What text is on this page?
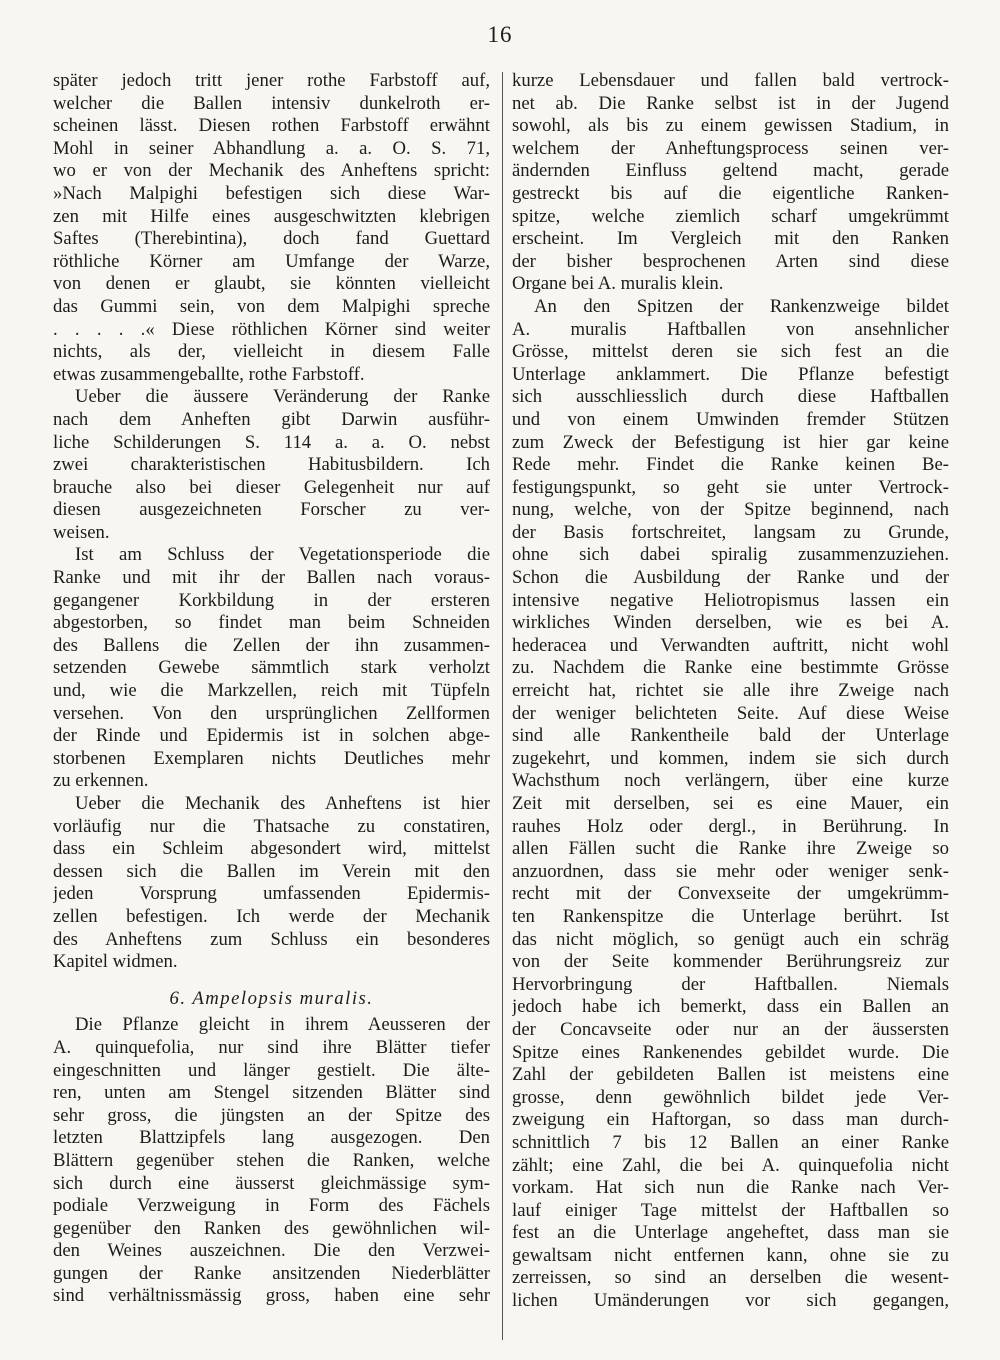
16
später jedoch tritt jener rothe Farbstoff auf,
welcher die Ballen intensiv dunkelroth er-
scheinen lässt. Diesen rothen Farbstoff erwähnt
Mohl in seiner Abhandlung a. a. O. S. 71,
wo er von der Mechanik des Anheftens spricht:
»Nach Malpighi befestigen sich diese War-
zen mit Hilfe eines ausgeschwitzten klebrigen
Saftes (Therebintina), doch fand Guettard
röthliche Körner am Umfange der Warze,
von denen er glaubt, sie könnten vielleicht
das Gummi sein, von dem Malpighi spreche
. . . . .« Diese röthlichen Körner sind weiter
nichts, als der, vielleicht in diesem Falle
etwas zusammengeballte, rothe Farbstoff.
Ueber die äussere Veränderung der Ranke
nach dem Anheften gibt Darwin ausführ-
liche Schilderungen S. 114 a. a. O. nebst
zwei charakteristischen Habitusbildern. Ich
brauche also bei dieser Gelegenheit nur auf
diesen ausgezeichneten Forscher zu ver-
weisen.
Ist am Schluss der Vegetationsperiode die
Ranke und mit ihr der Ballen nach voraus-
gegangener Korkbildung in der ersteren
abgestorben, so findet man beim Schneiden
des Ballens die Zellen der ihn zusammen-
setzenden Gewebe sämmtlich stark verholzt
und, wie die Markzellen, reich mit Tüpfeln
versehen. Von den ursprünglichen Zellformen
der Rinde und Epidermis ist in solchen abge-
storbenen Exemplaren nichts Deutliches mehr
zu erkennen.
Ueber die Mechanik des Anheftens ist hier
vorläufig nur die Thatsache zu constatiren,
dass ein Schleim abgesondert wird, mittelst
dessen sich die Ballen im Verein mit den
jeden Vorsprung umfassenden Epidermis-
zellen befestigen. Ich werde der Mechanik
des Anheftens zum Schluss ein besonderes
Kapitel widmen.
6. Ampelopsis muralis.
Die Pflanze gleicht in ihrem Aeusseren der
A. quinquefolia, nur sind ihre Blätter tiefer
eingeschnitten und länger gestielt. Die älte-
ren, unten am Stengel sitzenden Blätter sind
sehr gross, die jüngsten an der Spitze des
letzten Blattzipfels lang ausgezogen. Den
Blättern gegenüber stehen die Ranken, welche
sich durch eine äusserst gleichmässige sym-
podiale Verzweigung in Form des Fächels
gegenüber den Ranken des gewöhnlichen wil-
den Weines auszeichnen. Die den Verzwei-
gungen der Ranke ansitzenden Niederblätter
sind verhältnissmässig gross, haben eine sehr
kurze Lebensdauer und fallen bald vertrock-
net ab. Die Ranke selbst ist in der Jugend
sowohl, als bis zu einem gewissen Stadium, in
welchem der Anheftungsprocess seinen ver-
ändernden Einfluss geltend macht, gerade
gestreckt bis auf die eigentliche Ranken-
spitze, welche ziemlich scharf umgekrümmt
erscheint. Im Vergleich mit den Ranken
der bisher besprochenen Arten sind diese
Organe bei A. muralis klein.
An den Spitzen der Rankenzweige bildet
A. muralis Haftballen von ansehnlicher
Grösse, mittelst deren sie sich fest an die
Unterlage anklammert. Die Pflanze befestigt
sich ausschliesslich durch diese Haftballen
und von einem Umwinden fremder Stützen
zum Zweck der Befestigung ist hier gar keine
Rede mehr. Findet die Ranke keinen Be-
festigungspunkt, so geht sie unter Vertrock-
nung, welche, von der Spitze beginnend, nach
der Basis fortschreitet, langsam zu Grunde,
ohne sich dabei spiralig zusammenzuziehen.
Schon die Ausbildung der Ranke und der
intensive negative Heliotropismus lassen ein
wirkliches Winden derselben, wie es bei A.
hederacea und Verwandten auftritt, nicht wohl
zu. Nachdem die Ranke eine bestimmte Grösse
erreicht hat, richtet sie alle ihre Zweige nach
der weniger belichteten Seite. Auf diese Weise
sind alle Rankentheile bald der Unterlage
zugekehrt, und kommen, indem sie sich durch
Wachsthum noch verlängern, über eine kurze
Zeit mit derselben, sei es eine Mauer, ein
rauhes Holz oder dergl., in Berührung. In
allen Fällen sucht die Ranke ihre Zweige so
anzuordnen, dass sie mehr oder weniger senk-
recht mit der Convexseite der umgekrümm-
ten Rankenspitze die Unterlage berührt. Ist
das nicht möglich, so genügt auch ein schräg
von der Seite kommender Berührungsreiz zur
Hervorbringung der Haftballen. Niemals
jedoch habe ich bemerkt, dass ein Ballen an
der Concavseite oder nur an der äussersten
Spitze eines Rankenendes gebildet wurde. Die
Zahl der gebildeten Ballen ist meistens eine
grosse, denn gewöhnlich bildet jede Ver-
zweigung ein Haftorgan, so dass man durch-
schnittlich 7 bis 12 Ballen an einer Ranke
zählt; eine Zahl, die bei A. quinquefolia nicht
vorkam. Hat sich nun die Ranke nach Ver-
lauf einiger Tage mittelst der Haftballen so
fest an die Unterlage angeheftet, dass man sie
gewaltsam nicht entfernen kann, ohne sie zu
zerreissen, so sind an derselben die wesent-
lichen Umänderungen vor sich gegangen,
